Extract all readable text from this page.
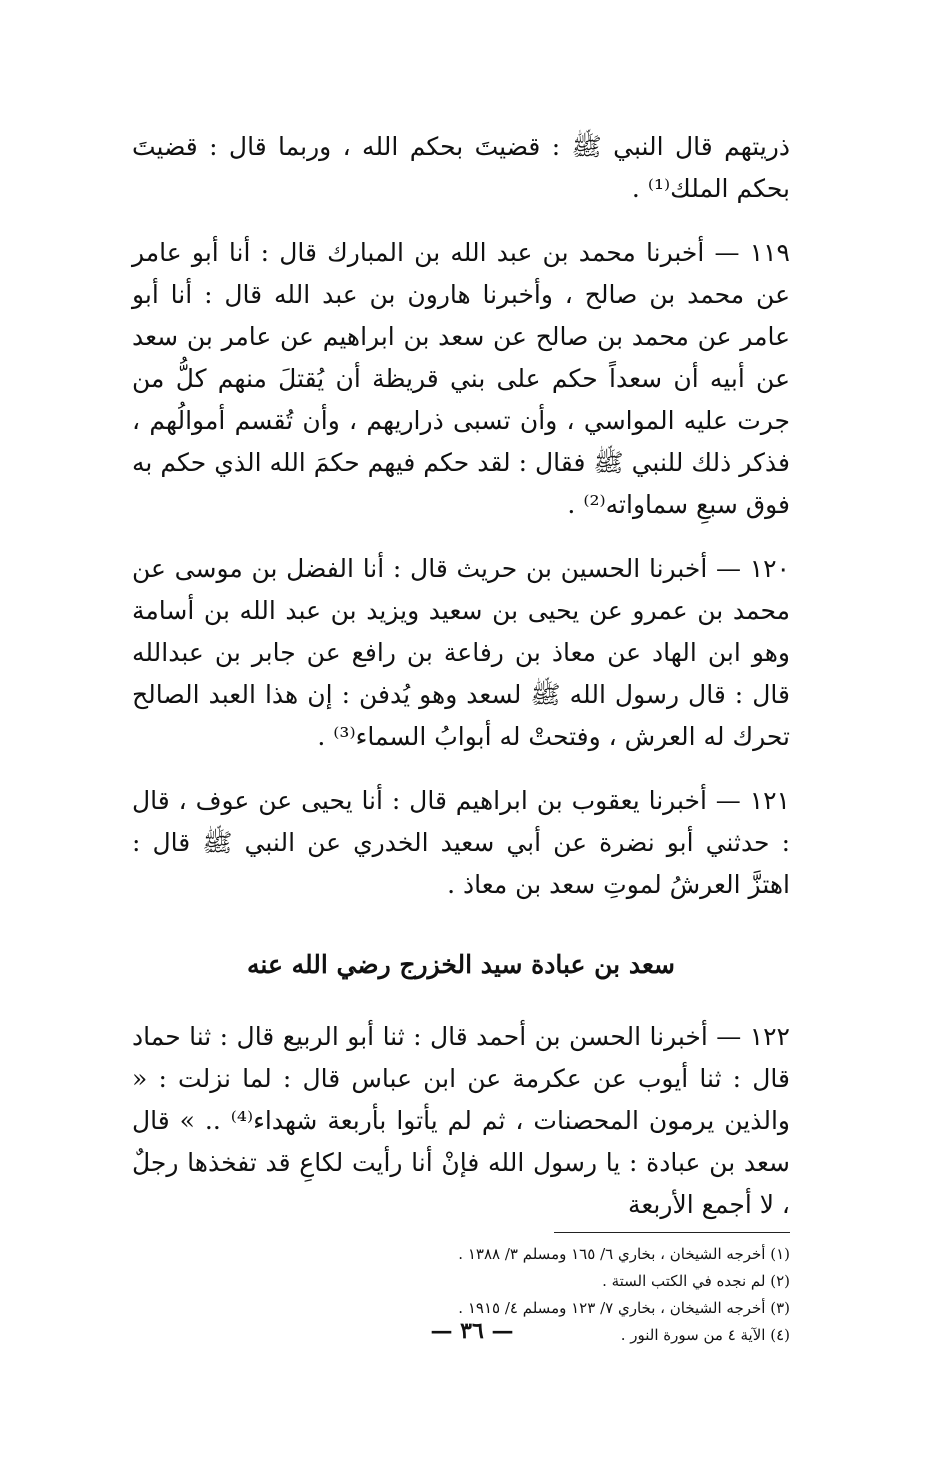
ذريتهم قال النبي ﷺ : قضيتَ بحكم الله ، وربما قال : قضيتَ بحكم الملك⁽¹⁾ .

١١٩ — أخبرنا محمد بن عبد الله بن المبارك قال : أنا أبو عامر عن محمد بن صالح ، وأخبرنا هارون بن عبد الله قال : أنا أبو عامر عن محمد بن صالح عن سعد بن ابراهيم عن عامر بن سعد عن أبيه أن سعداً حكم على بني قريظة أن يُقتلَ منهم كلُّ من جرت عليه المواسي ، وأن تسبى ذراريهم ، وأن تُقسم أموالُهم ، فذكر ذلك للنبي ﷺ فقال : لقد حكم فيهم حكمَ الله الذي حكم به فوق سبعِ سماواته⁽²⁾ .

١٢٠ — أخبرنا الحسين بن حريث قال : أنا الفضل بن موسى عن محمد بن عمرو عن يحيى بن سعيد ويزيد بن عبد الله بن أسامة وهو ابن الهاد عن معاذ بن رفاعة بن رافع عن جابر بن عبدالله قال : قال رسول الله ﷺ لسعد وهو يُدفن : إن هذا العبد الصالح تحرك له العرش ، وفتحتْ له أبوابُ السماء⁽³⁾ .

١٢١ — أخبرنا يعقوب بن ابراهيم قال : أنا يحيى عن عوف ، قال : حدثني أبو نضرة عن أبي سعيد الخدري عن النبي ﷺ قال : اهتزَّ العرشُ لموتِ سعد بن معاذ .

سعد بن عبادة سيد الخزرج رضي الله عنه

١٢٢ — أخبرنا الحسن بن أحمد قال : ثنا أبو الربيع قال : ثنا حماد قال : ثنا أيوب عن عكرمة عن ابن عباس قال : لما نزلت : « والذين يرمون المحصنات ، ثم لم يأتوا بأربعة شهداء⁽⁴⁾ .. » قال سعد بن عبادة : يا رسول الله فإنْ أنا رأيت لكاعِ قد تفخذها رجلٌ ، لا أجمع الأربعة

(١) أخرجه الشيخان ، بخاري ٦/ ١٦٥ ومسلم ٣/ ١٣٨٨ .
(٢) لم نجده في الكتب الستة .
(٣) أخرجه الشيخان ، بخاري ٧/ ١٢٣ ومسلم ٤/ ١٩١٥ .
(٤) الآية ٤ من سورة النور .
— ٣٦ —
